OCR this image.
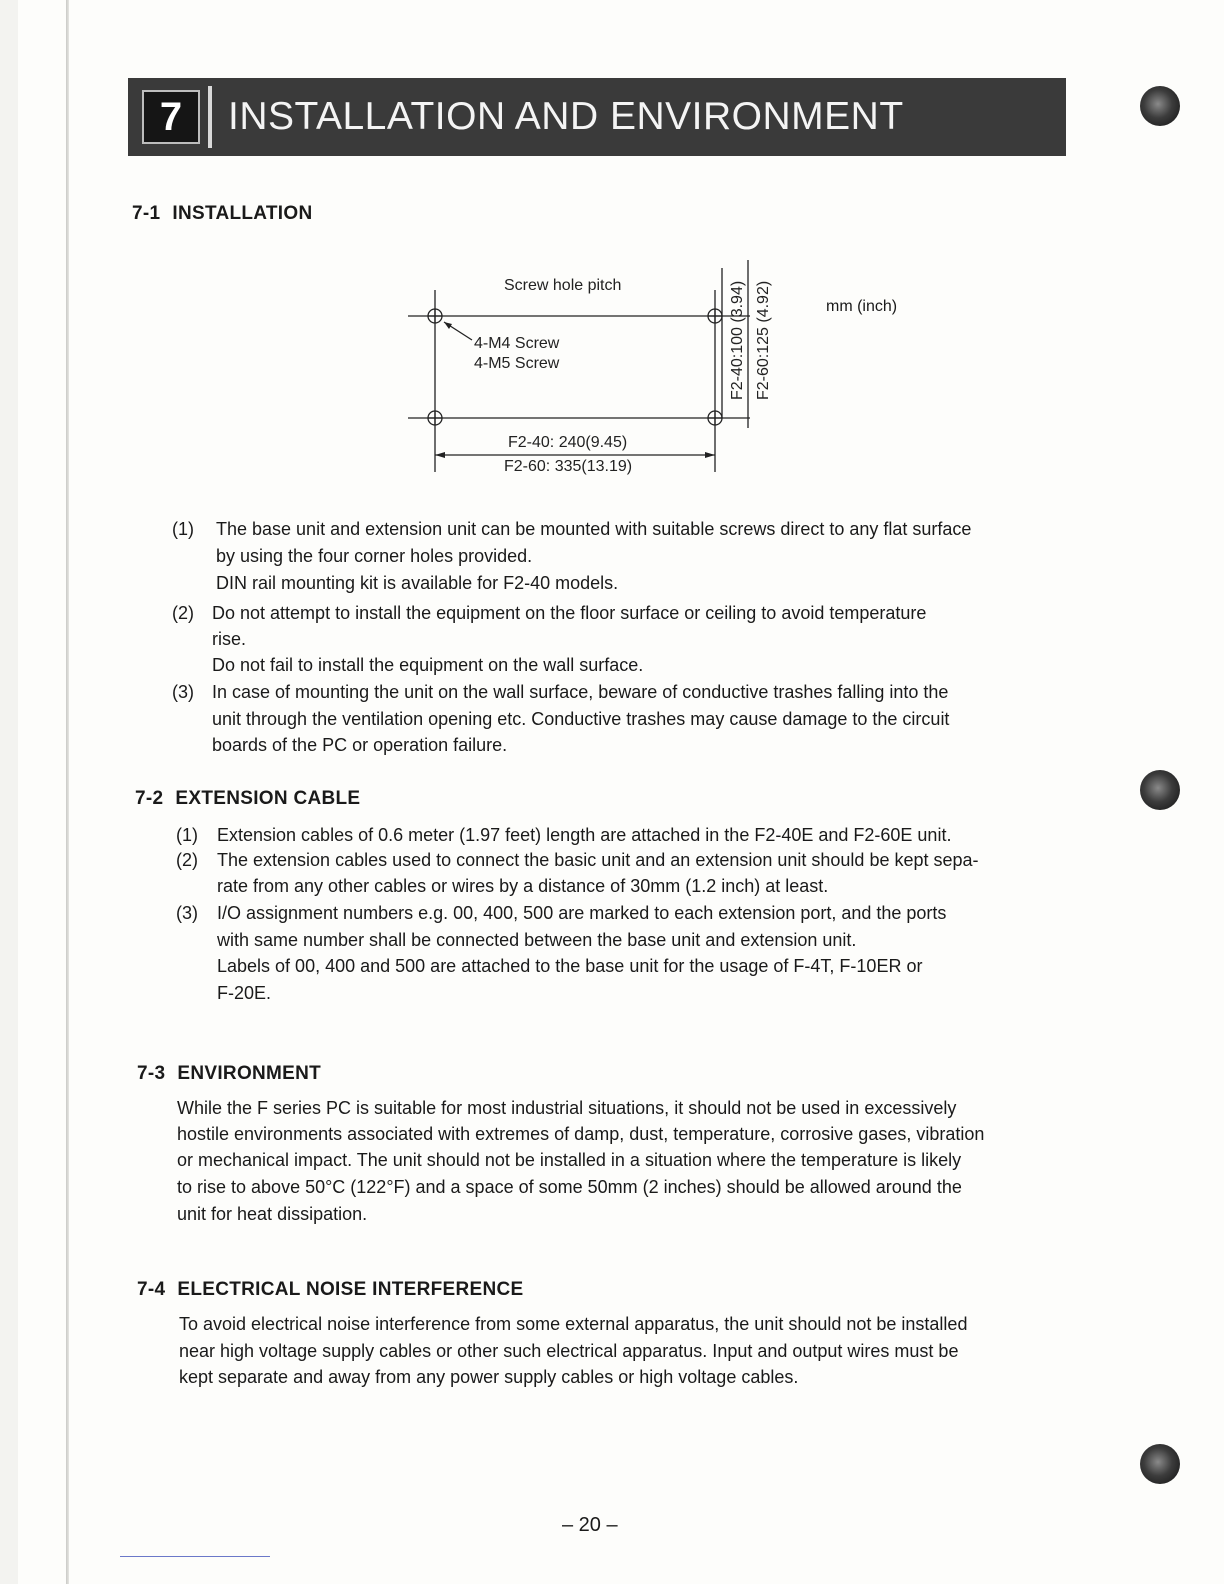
7	INSTALLATION AND ENVIRONMENT
7-1 INSTALLATION
Screw hole pitch
4-M4 Screw
4-M5 Screw
F2-40: 240(9.45)
F2-60: 335(13.19)
F2-40:100 (3.94) F2-60:125 (4.92)	mm (inch)
(1) The base unit and extension unit can be mounted with suitable screws direct to any flat surface
by using the four corner holes provided.
DIN rail mounting kit is available for F2-40 models.
(2) Do not attempt to install the equipment on the floor surface or ceiling to avoid temperature
rise.
Do not fail to install the equipment on the wall surface.
(3) In case of mounting the unit on the wall surface, beware of conductive trashes falling into the
unit through the ventilation opening etc. Conductive trashes may cause damage to the circuit
boards of the PC or operation failure.
7-2 EXTENSION CABLE
(1) Extension cables of 0.6 meter (1.97 feet) length are attached in the F2-40E and F2-60E unit.
(2) The extension cables used to connect the basic unit and an extension unit should be kept sepa-
rate from any other cables or wires by a distance of 30mm (1.2 inch) at least.
(3) I/O assignment numbers e.g. 00, 400, 500 are marked to each extension port, and the ports
with same number shall be connected between the base unit and extension unit.
Labels of 00, 400 and 500 are attached to the base unit for the usage of F-4T, F-10ER or
F-20E.
7-3 ENVIRONMENT
While the F series PC is suitable for most industrial situations, it should not be used in excessively
hostile environments associated with extremes of damp, dust, temperature, corrosive gases, vibration
or mechanical impact. The unit should not be installed in a situation where the temperature is likely
to rise to above 50°C (122°F) and a space of some 50mm (2 inches) should be allowed around the
unit for heat dissipation.
7-4 ELECTRICAL NOISE INTERFERENCE
To avoid electrical noise interference from some external apparatus, the unit should not be installed
near high voltage supply cables or other such electrical apparatus. Input and output wires must be
kept separate and away from any power supply cables or high voltage cables.
– 20 –
